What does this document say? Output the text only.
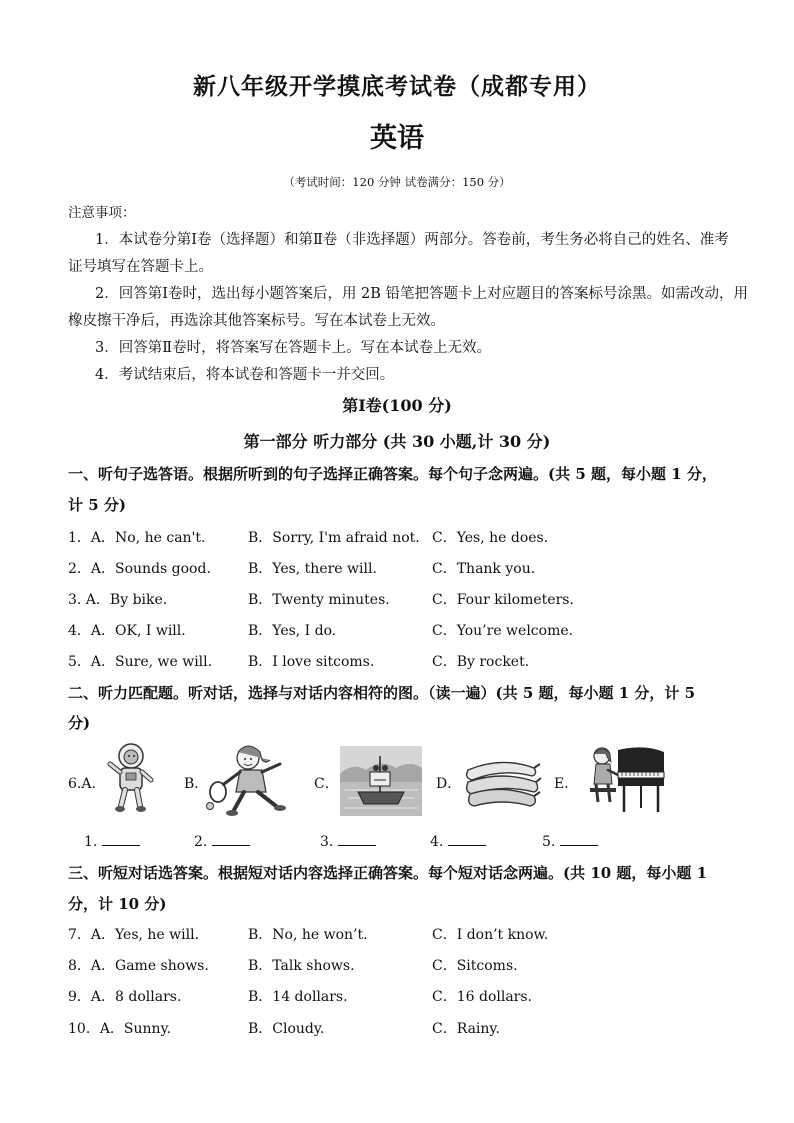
新八年级开学摸底考试卷（成都专用）
英语
（考试时间：120 分钟 试卷满分：150 分）
注意事项：
1．本试卷分第Ⅰ卷（选择题）和第Ⅱ卷（非选择题）两部分。答卷前，考生务必将自己的姓名、准考
证号填写在答题卡上。
2．回答第Ⅰ卷时，选出每小题答案后，用 2B 铅笔把答题卡上对应题目的答案标号涂黑。如需改动，用
橡皮擦干净后，再选涂其他答案标号。写在本试卷上无效。
3．回答第Ⅱ卷时，将答案写在答题卡上。写在本试卷上无效。
4．考试结束后，将本试卷和答题卡一并交回。
第Ⅰ卷(100 分)
第一部分 听力部分 (共 30 小题,计 30 分)
一、听句子选答语。根据所听到的句子选择正确答案。每个句子念两遍。(共 5 题，每小题 1 分，
计 5 分)
1．A．No, he can't.	B．Sorry, I'm afraid not. C．Yes, he does.
2．A．Sounds good.	B．Yes, there will.	C．Thank you.
3. A．By bike.	B．Twenty minutes.	C．Four kilometers.
4．A．OK, I will.	B．Yes, I do.	C．You’re welcome.
5．A．Sure, we will.	B．I love sitcoms.	C．By rocket.
二、听力匹配题。听对话，选择与对话内容相符的图。（读一遍）(共 5 题，每小题 1 分，计 5
分)
6.A．	B．	C．	D．	E．
1.	2.	3.	4.	5.
三、听短对话选答案。根据短对话内容选择正确答案。每个短对话念两遍。(共 10 题，每小题 1
分，计 10 分)
7．A．Yes, he will.	B．No, he won’t.	C．I don’t know.
8．A．Game shows.	B．Talk shows.	C．Sitcoms.
9．A．8 dollars.	B．14 dollars.	C．16 dollars.
10．A．Sunny.	B．Cloudy.	C．Rainy.
